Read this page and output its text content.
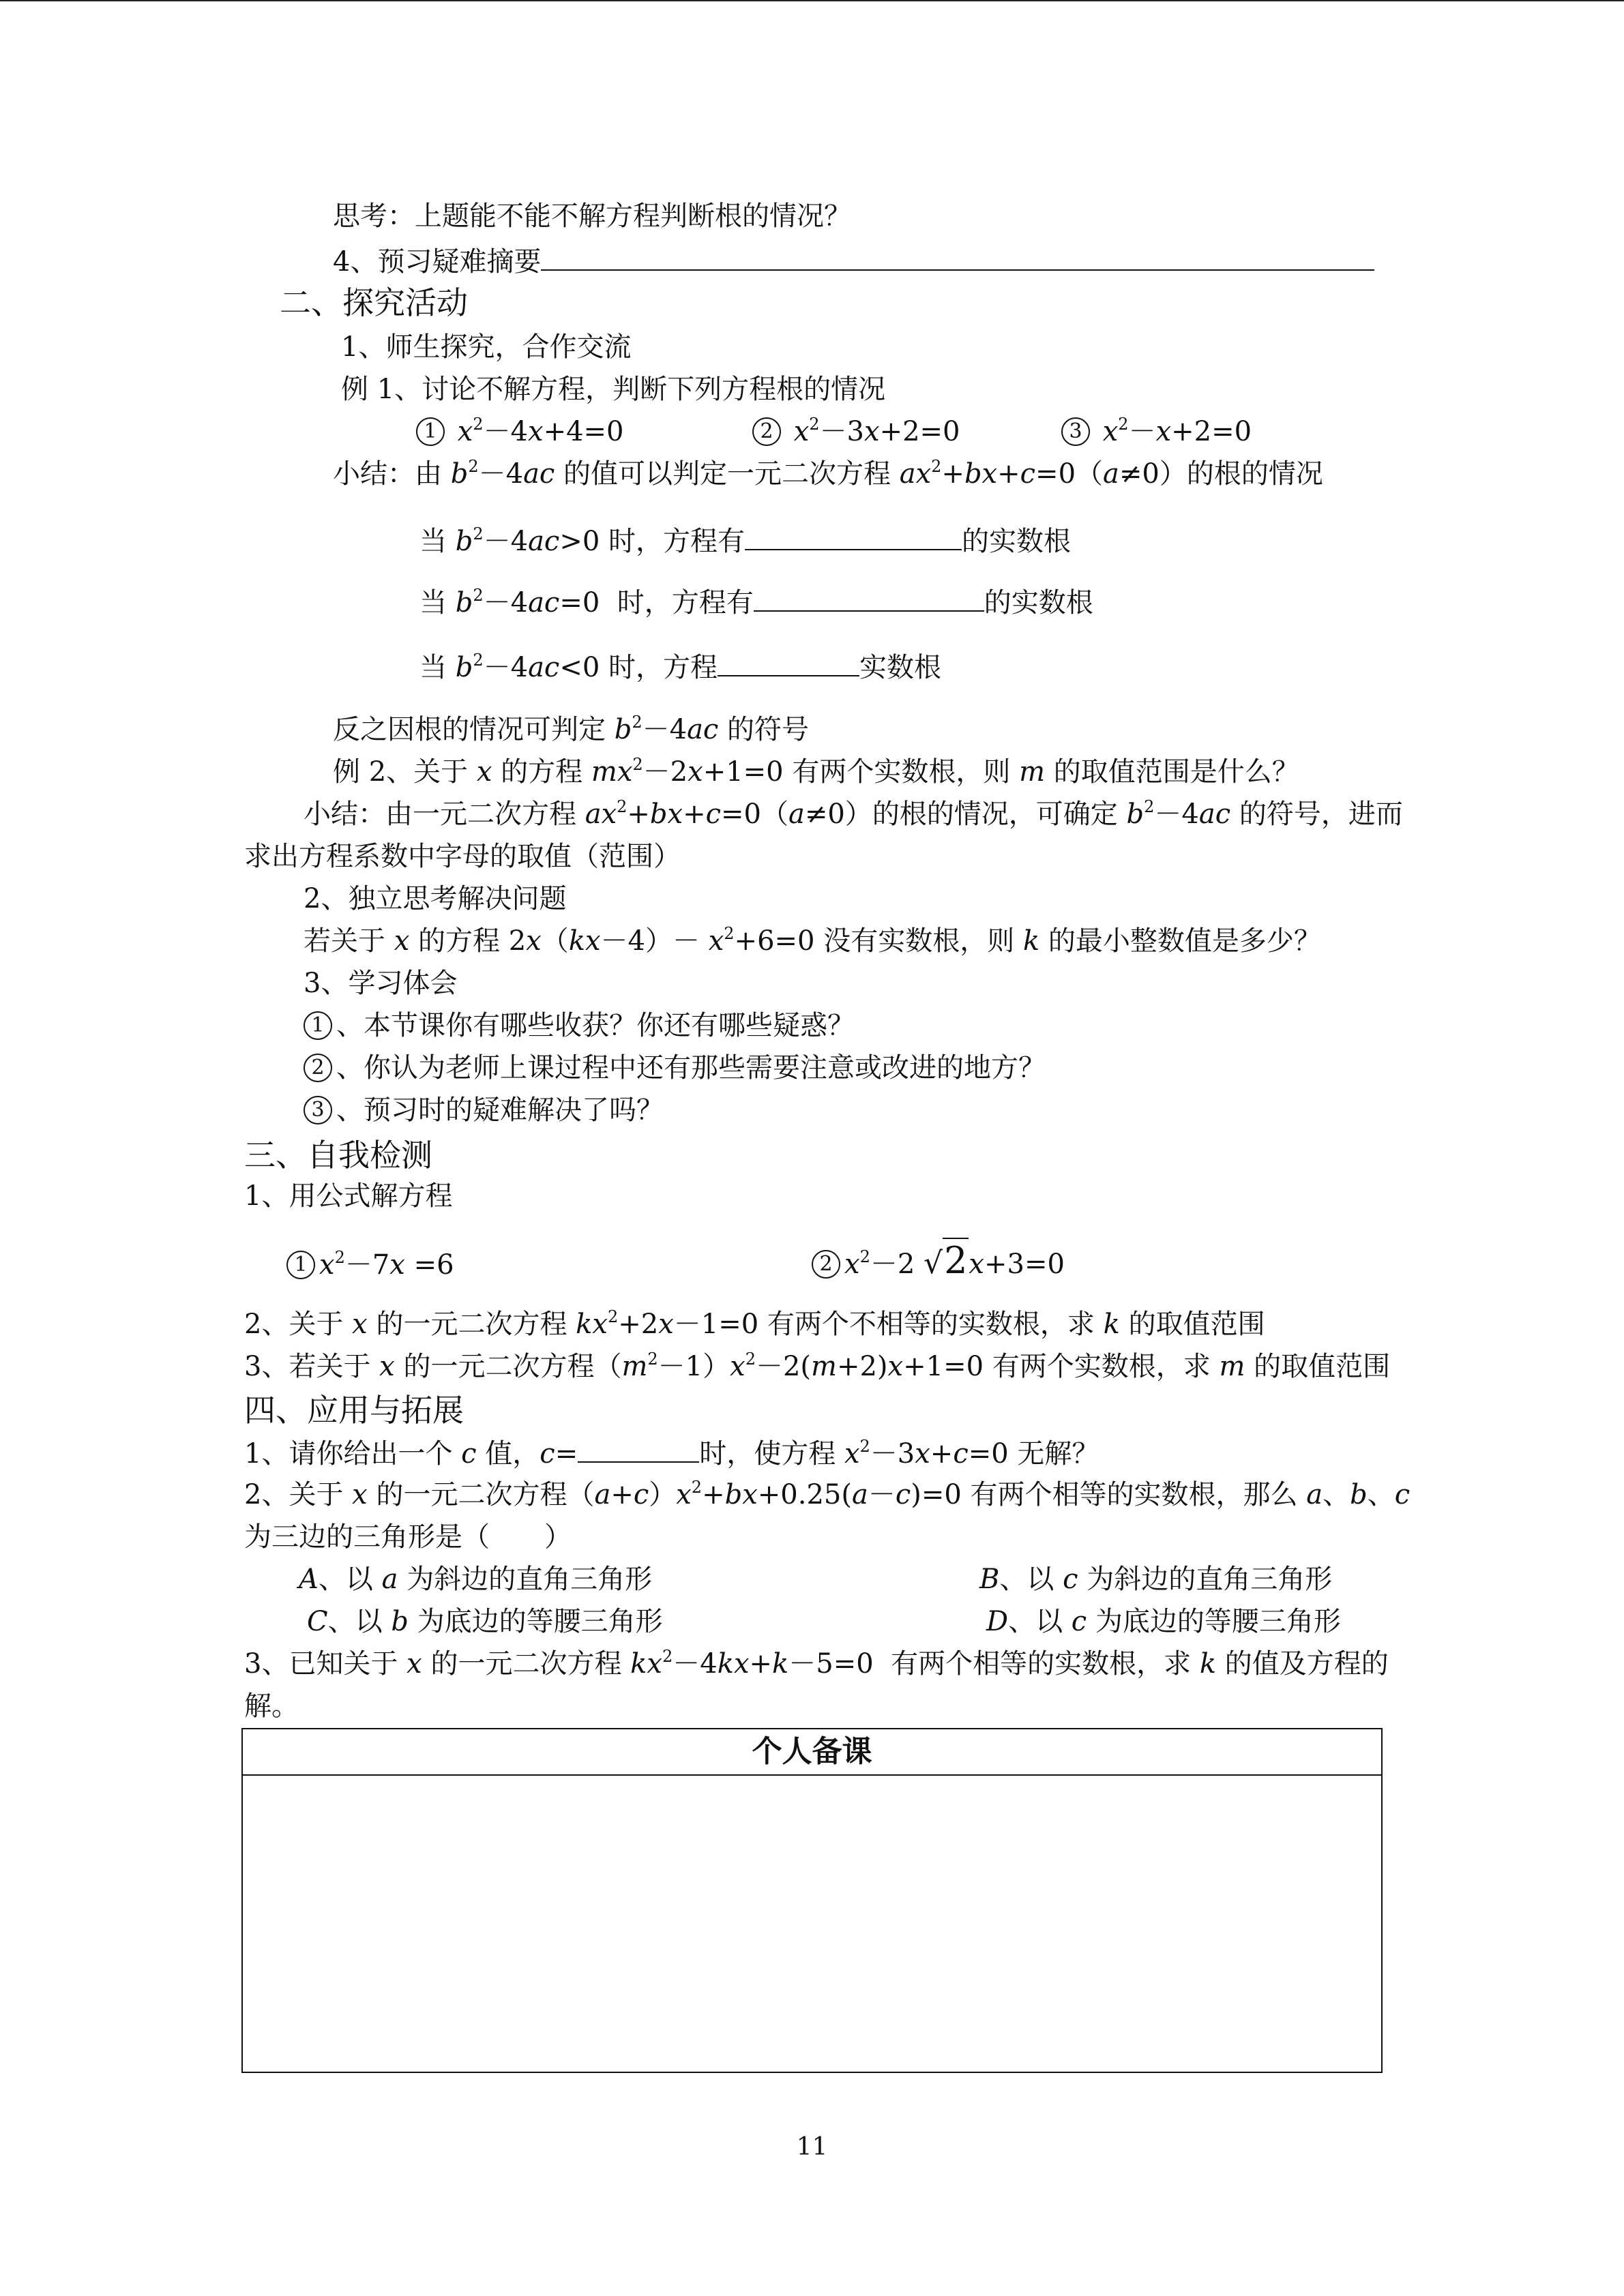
思考：上题能不能不解方程判断根的情况？
4、预习疑难摘要
二、探究活动
1、师生探究，合作交流
例 1、讨论不解方程，判断下列方程根的情况
1 $x^2-4x+4=0$	2 $x^2-3x+2=0$	3 $x^2-x+2=0$
小结：由 $b^2-4ac$ 的值可以判定一元二次方程 $ax^2+bx+c=0(a\ne 0)$的根的情况
当 $b^2-4ac>0$ 时，方程有	的实数根
当 $b^2-4ac=0$  时，方程有	的实数根
当 $b^2-4ac<0$ 时，方程	实数根
反之因根的情况可判定 $b^2-4ac$ 的符号
例 2、关于 x 的方程 $mx^2-2x+1=0$ 有两个实数根，则 m 的取值范围是什么？
小结：由一元二次方程 $ax^2+bx+c=0(a\ne 0)$的根的情况，可确定 $b^2-4ac$ 的符号，进而
求出方程系数中字母的取值（范围）
2、独立思考解决问题
若关于 x 的方程 $2x(kx-4)- x^2+6=0$ 没有实数根，则 k 的最小整数值是多少？
3、学习体会
1 、本节课你有哪些收获？你还有哪些疑惑？
2 、你认为老师上课过程中还有那些需要注意或改进的地方？
3 、预习时的疑难解决了吗？
三、自我检测
1、用公式解方程
1 $x^2-7x =6$	2 $x^2-2$ √2x+3=0
2、关于 x 的一元二次方程 $kx^2+2x-1=0$ 有两个不相等的实数根，求 k 的取值范围
3、若关于 x 的一元二次方程$(m^2-1)x^2-2(m+2)x+1=0$ 有两个实数根，求 m 的取值范围
四、应用与拓展
1、请你给出一个 c 值，c=	时，使方程 $x^2-3x+c=0$ 无解？
2、关于 x 的一元二次方程$(a+c)x^2+bx+0.25(a-c)=0$ 有两个相等的实数根，那么 a、b、c
为三边的三角形是（　　）
A、以 a 为斜边的直角三角形	B、以 c 为斜边的直角三角形
C、以 b 为底边的等腰三角形	D、以 c 为底边的等腰三角形
3、已知关于 x 的一元二次方程 $kx^2-4kx+k-5=0$  有两个相等的实数根，求 k 的值及方程的
解。
个人备课
11
